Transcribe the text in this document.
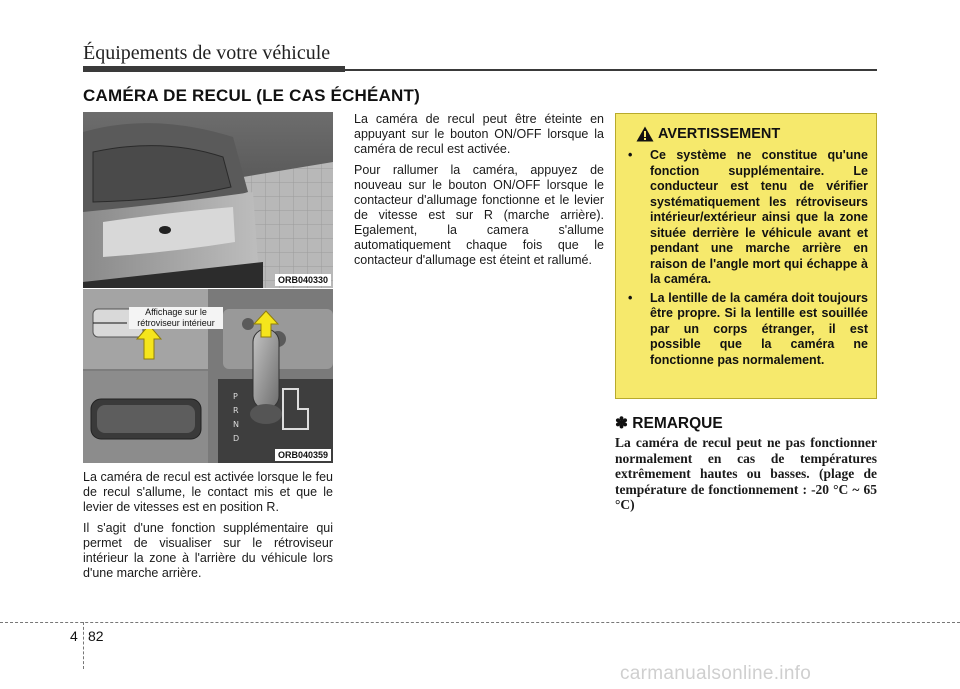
Équipements de votre véhicule
CAMÉRA DE RECUL (LE CAS ÉCHÉANT)
ORB040330
P
R
N
D
Affichage sur le
rétroviseur intérieur
ORB040359

La caméra de recul est activée lorsque le feu de recul s'allume, le contact mis et que le levier de vitesses est en position R.

Il s'agit d'une fonction supplémentaire qui permet de visualiser sur le rétroviseur intérieur la zone à l'arrière du véhicule lors d'une marche arrière.

La caméra de recul peut être éteinte en appuyant sur le bouton ON/OFF lorsque la caméra de recul est activée.

Pour rallumer la caméra, appuyez de nouveau sur le bouton ON/OFF lorsque le contacteur d'allumage fonctionne et le levier de vitesse est sur R (marche arrière). Egalement, la camera s'allume automatiquement chaque fois que le contacteur d'allumage est éteint et rallumé.

AVERTISSEMENT
• Ce système ne constitue qu'une fonction supplémentaire. Le conducteur est tenu de vérifier systématiquement les rétroviseurs intérieur/extérieur ainsi que la zone située derrière le véhicule avant et pendant une marche arrière en raison de l'angle mort qui échappe à la caméra.
• La lentille de la caméra doit toujours être propre. Si la lentille est souillée par un corps étranger, il est possible que la caméra ne fonctionne pas normalement.
✽ REMARQUE
La caméra de recul peut ne pas fonctionner normalement en cas de températures extrêmement hautes ou basses. (plage de température de fonctionnement : -20 °C ~ 65 °C)
4 82
carmanualsonline.info
